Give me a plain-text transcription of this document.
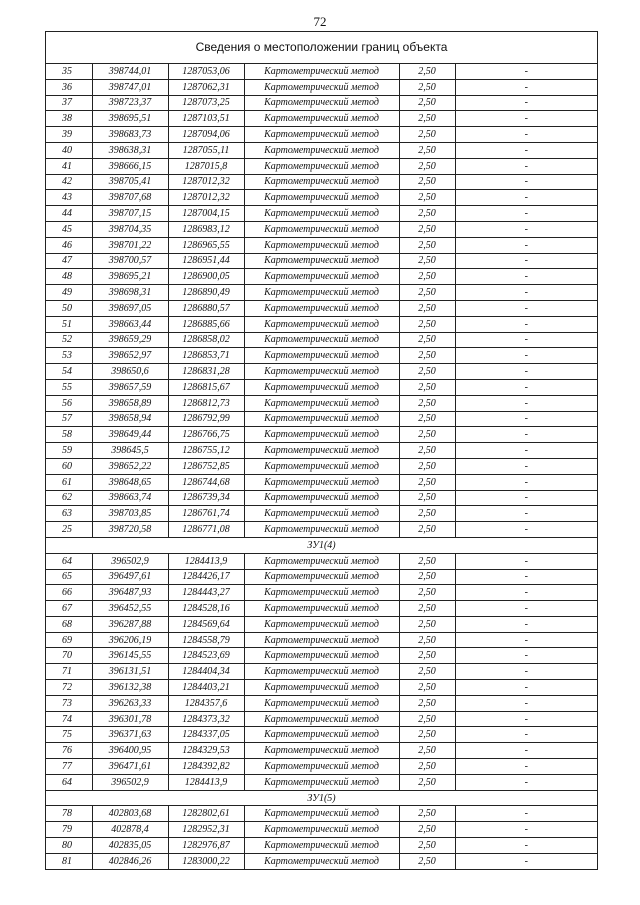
72
Сведения о местоположении границ объекта
35	398744,01	1287053,06	Картометрический метод	2,50	-
36	398747,01	1287062,31	Картометрический метод	2,50	-
37	398723,37	1287073,25	Картометрический метод	2,50	-
38	398695,51	1287103,51	Картометрический метод	2,50	-
39	398683,73	1287094,06	Картометрический метод	2,50	-
40	398638,31	1287055,11	Картометрический метод	2,50	-
41	398666,15	1287015,8	Картометрический метод	2,50	-
42	398705,41	1287012,32	Картометрический метод	2,50	-
43	398707,68	1287012,32	Картометрический метод	2,50	-
44	398707,15	1287004,15	Картометрический метод	2,50	-
45	398704,35	1286983,12	Картометрический метод	2,50	-
46	398701,22	1286965,55	Картометрический метод	2,50	-
47	398700,57	1286951,44	Картометрический метод	2,50	-
48	398695,21	1286900,05	Картометрический метод	2,50	-
49	398698,31	1286890,49	Картометрический метод	2,50	-
50	398697,05	1286880,57	Картометрический метод	2,50	-
51	398663,44	1286885,66	Картометрический метод	2,50	-
52	398659,29	1286858,02	Картометрический метод	2,50	-
53	398652,97	1286853,71	Картометрический метод	2,50	-
54	398650,6	1286831,28	Картометрический метод	2,50	-
55	398657,59	1286815,67	Картометрический метод	2,50	-
56	398658,89	1286812,73	Картометрический метод	2,50	-
57	398658,94	1286792,99	Картометрический метод	2,50	-
58	398649,44	1286766,75	Картометрический метод	2,50	-
59	398645,5	1286755,12	Картометрический метод	2,50	-
60	398652,22	1286752,85	Картометрический метод	2,50	-
61	398648,65	1286744,68	Картометрический метод	2,50	-
62	398663,74	1286739,34	Картометрический метод	2,50	-
63	398703,85	1286761,74	Картометрический метод	2,50	-
25	398720,58	1286771,08	Картометрический метод	2,50	-
ЗУ1(4)					
64	396502,9	1284413,9	Картометрический метод	2,50	-
65	396497,61	1284426,17	Картометрический метод	2,50	-
66	396487,93	1284443,27	Картометрический метод	2,50	-
67	396452,55	1284528,16	Картометрический метод	2,50	-
68	396287,88	1284569,64	Картометрический метод	2,50	-
69	396206,19	1284558,79	Картометрический метод	2,50	-
70	396145,55	1284523,69	Картометрический метод	2,50	-
71	396131,51	1284404,34	Картометрический метод	2,50	-
72	396132,38	1284403,21	Картометрический метод	2,50	-
73	396263,33	1284357,6	Картометрический метод	2,50	-
74	396301,78	1284373,32	Картометрический метод	2,50	-
75	396371,63	1284337,05	Картометрический метод	2,50	-
76	396400,95	1284329,53	Картометрический метод	2,50	-
77	396471,61	1284392,82	Картометрический метод	2,50	-
64	396502,9	1284413,9	Картометрический метод	2,50	-
ЗУ1(5)					
78	402803,68	1282802,61	Картометрический метод	2,50	-
79	402878,4	1282952,31	Картометрический метод	2,50	-
80	402835,05	1282976,87	Картометрический метод	2,50	-
81	402846,26	1283000,22	Картометрический метод	2,50	-
